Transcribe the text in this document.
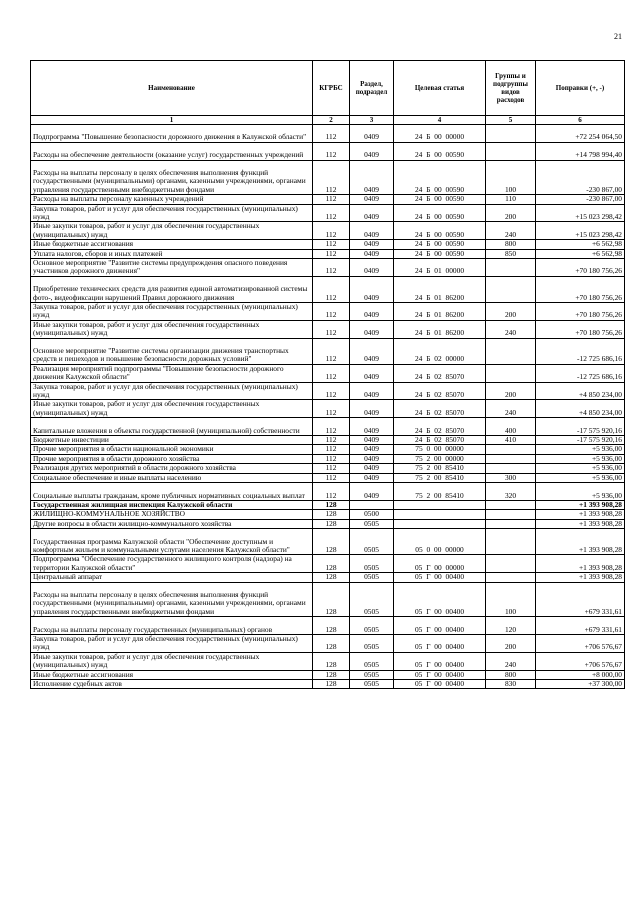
21
Наименование	КГРБС	Раздел, подраздел	Целевая статья	Группы и подгруппы видов расходов	Поправки (+, -)
1	2	3	4	5	6
Подпрограмма "Повышение безопасности дорожного движения в Калужской области"	112	0409	24 Б 00 00000		+72 254 064,50
Расходы на обеспечение деятельности (оказание услуг) государственных учреждений	112	0409	24 Б 00 00590		+14 798 994,40
Расходы на выплаты персоналу в целях обеспечения выполнения функций государственными (муниципальными) органами, казенными учреждениями, органами управления государственными внебюджетными фондами	112	0409	24 Б 00 00590	100	-230 867,00
Расходы на выплаты персоналу казенных учреждений	112	0409	24 Б 00 00590	110	-230 867,00
Закупка товаров, работ и услуг для обеспечения государственных (муниципальных) нужд	112	0409	24 Б 00 00590	200	+15 023 298,42
Иные закупки товаров, работ и услуг для обеспечения государственных (муниципальных) нужд	112	0409	24 Б 00 00590	240	+15 023 298,42
Иные бюджетные ассигнования	112	0409	24 Б 00 00590	800	+6 562,98
Уплата налогов, сборов и иных платежей	112	0409	24 Б 00 00590	850	+6 562,98
Основное мероприятие "Развитие системы предупреждения опасного поведения участников дорожного движения"	112	0409	24 Б 01 00000		+70 180 756,26
Приобретение технических средств для развития единой автоматизированной системы фото-, видеофиксации нарушений Правил дорожного движения	112	0409	24 Б 01 86200		+70 180 756,26
Закупка товаров, работ и услуг для обеспечения государственных (муниципальных) нужд	112	0409	24 Б 01 86200	200	+70 180 756,26
Иные закупки товаров, работ и услуг для обеспечения государственных (муниципальных) нужд	112	0409	24 Б 01 86200	240	+70 180 756,26
Основное мероприятие "Развитие системы организации движения транспортных средств и пешеходов и повышение безопасности дорожных условий"	112	0409	24 Б 02 00000		-12 725 686,16
Реализация мероприятий подпрограммы "Повышение безопасности дорожного движения Калужской области"	112	0409	24 Б 02 85070		-12 725 686,16
Закупка товаров, работ и услуг для обеспечения государственных (муниципальных) нужд	112	0409	24 Б 02 85070	200	+4 850 234,00
Иные закупки товаров, работ и услуг для обеспечения государственных (муниципальных) нужд	112	0409	24 Б 02 85070	240	+4 850 234,00
Капитальные вложения в объекты государственной (муниципальной) собственности	112	0409	24 Б 02 85070	400	-17 575 920,16
Бюджетные инвестиции	112	0409	24 Б 02 85070	410	-17 575 920,16
Прочие мероприятия в области национальной экономики	112	0409	75 0 00 00000		+5 936,00
Прочие мероприятия в области дорожного хозяйства	112	0409	75 2 00 00000		+5 936,00
Реализация других мероприятий в области дорожного хозяйства	112	0409	75 2 00 85410		+5 936,00
Социальное обеспечение и иные выплаты населению	112	0409	75 2 00 85410	300	+5 936,00
Социальные выплаты гражданам, кроме публичных нормативных социальных выплат	112	0409	75 2 00 85410	320	+5 936,00
Государственная жилищная инспекция Калужской области	128				+1 393 908,28
ЖИЛИЩНО-КОММУНАЛЬНОЕ ХОЗЯЙСТВО	128	0500			+1 393 908,28
Другие вопросы в области жилищно-коммунального хозяйства	128	0505			+1 393 908,28
Государственная программа Калужской области "Обеспечение доступным и комфортным жильем и коммунальными услугами населения Калужской области"	128	0505	05 0 00 00000		+1 393 908,28
Подпрограмма "Обеспечение государственного жилищного контроля (надзора) на территории Калужской области"	128	0505	05 Г 00 00000		+1 393 908,28
Центральный аппарат	128	0505	05 Г 00 00400		+1 393 908,28
Расходы на выплаты персоналу в целях обеспечения выполнения функций государственными (муниципальными) органами, казенными учреждениями, органами управления государственными внебюджетными фондами	128	0505	05 Г 00 00400	100	+679 331,61
Расходы на выплаты персоналу государственных (муниципальных) органов	128	0505	05 Г 00 00400	120	+679 331,61
Закупка товаров, работ и услуг для обеспечения государственных (муниципальных) нужд	128	0505	05 Г 00 00400	200	+706 576,67
Иные закупки товаров, работ и услуг для обеспечения государственных (муниципальных) нужд	128	0505	05 Г 00 00400	240	+706 576,67
Иные бюджетные ассигнования	128	0505	05 Г 00 00400	800	+8 000,00
Исполнение судебных актов	128	0505	05 Г 00 00400	830	+37 300,00
